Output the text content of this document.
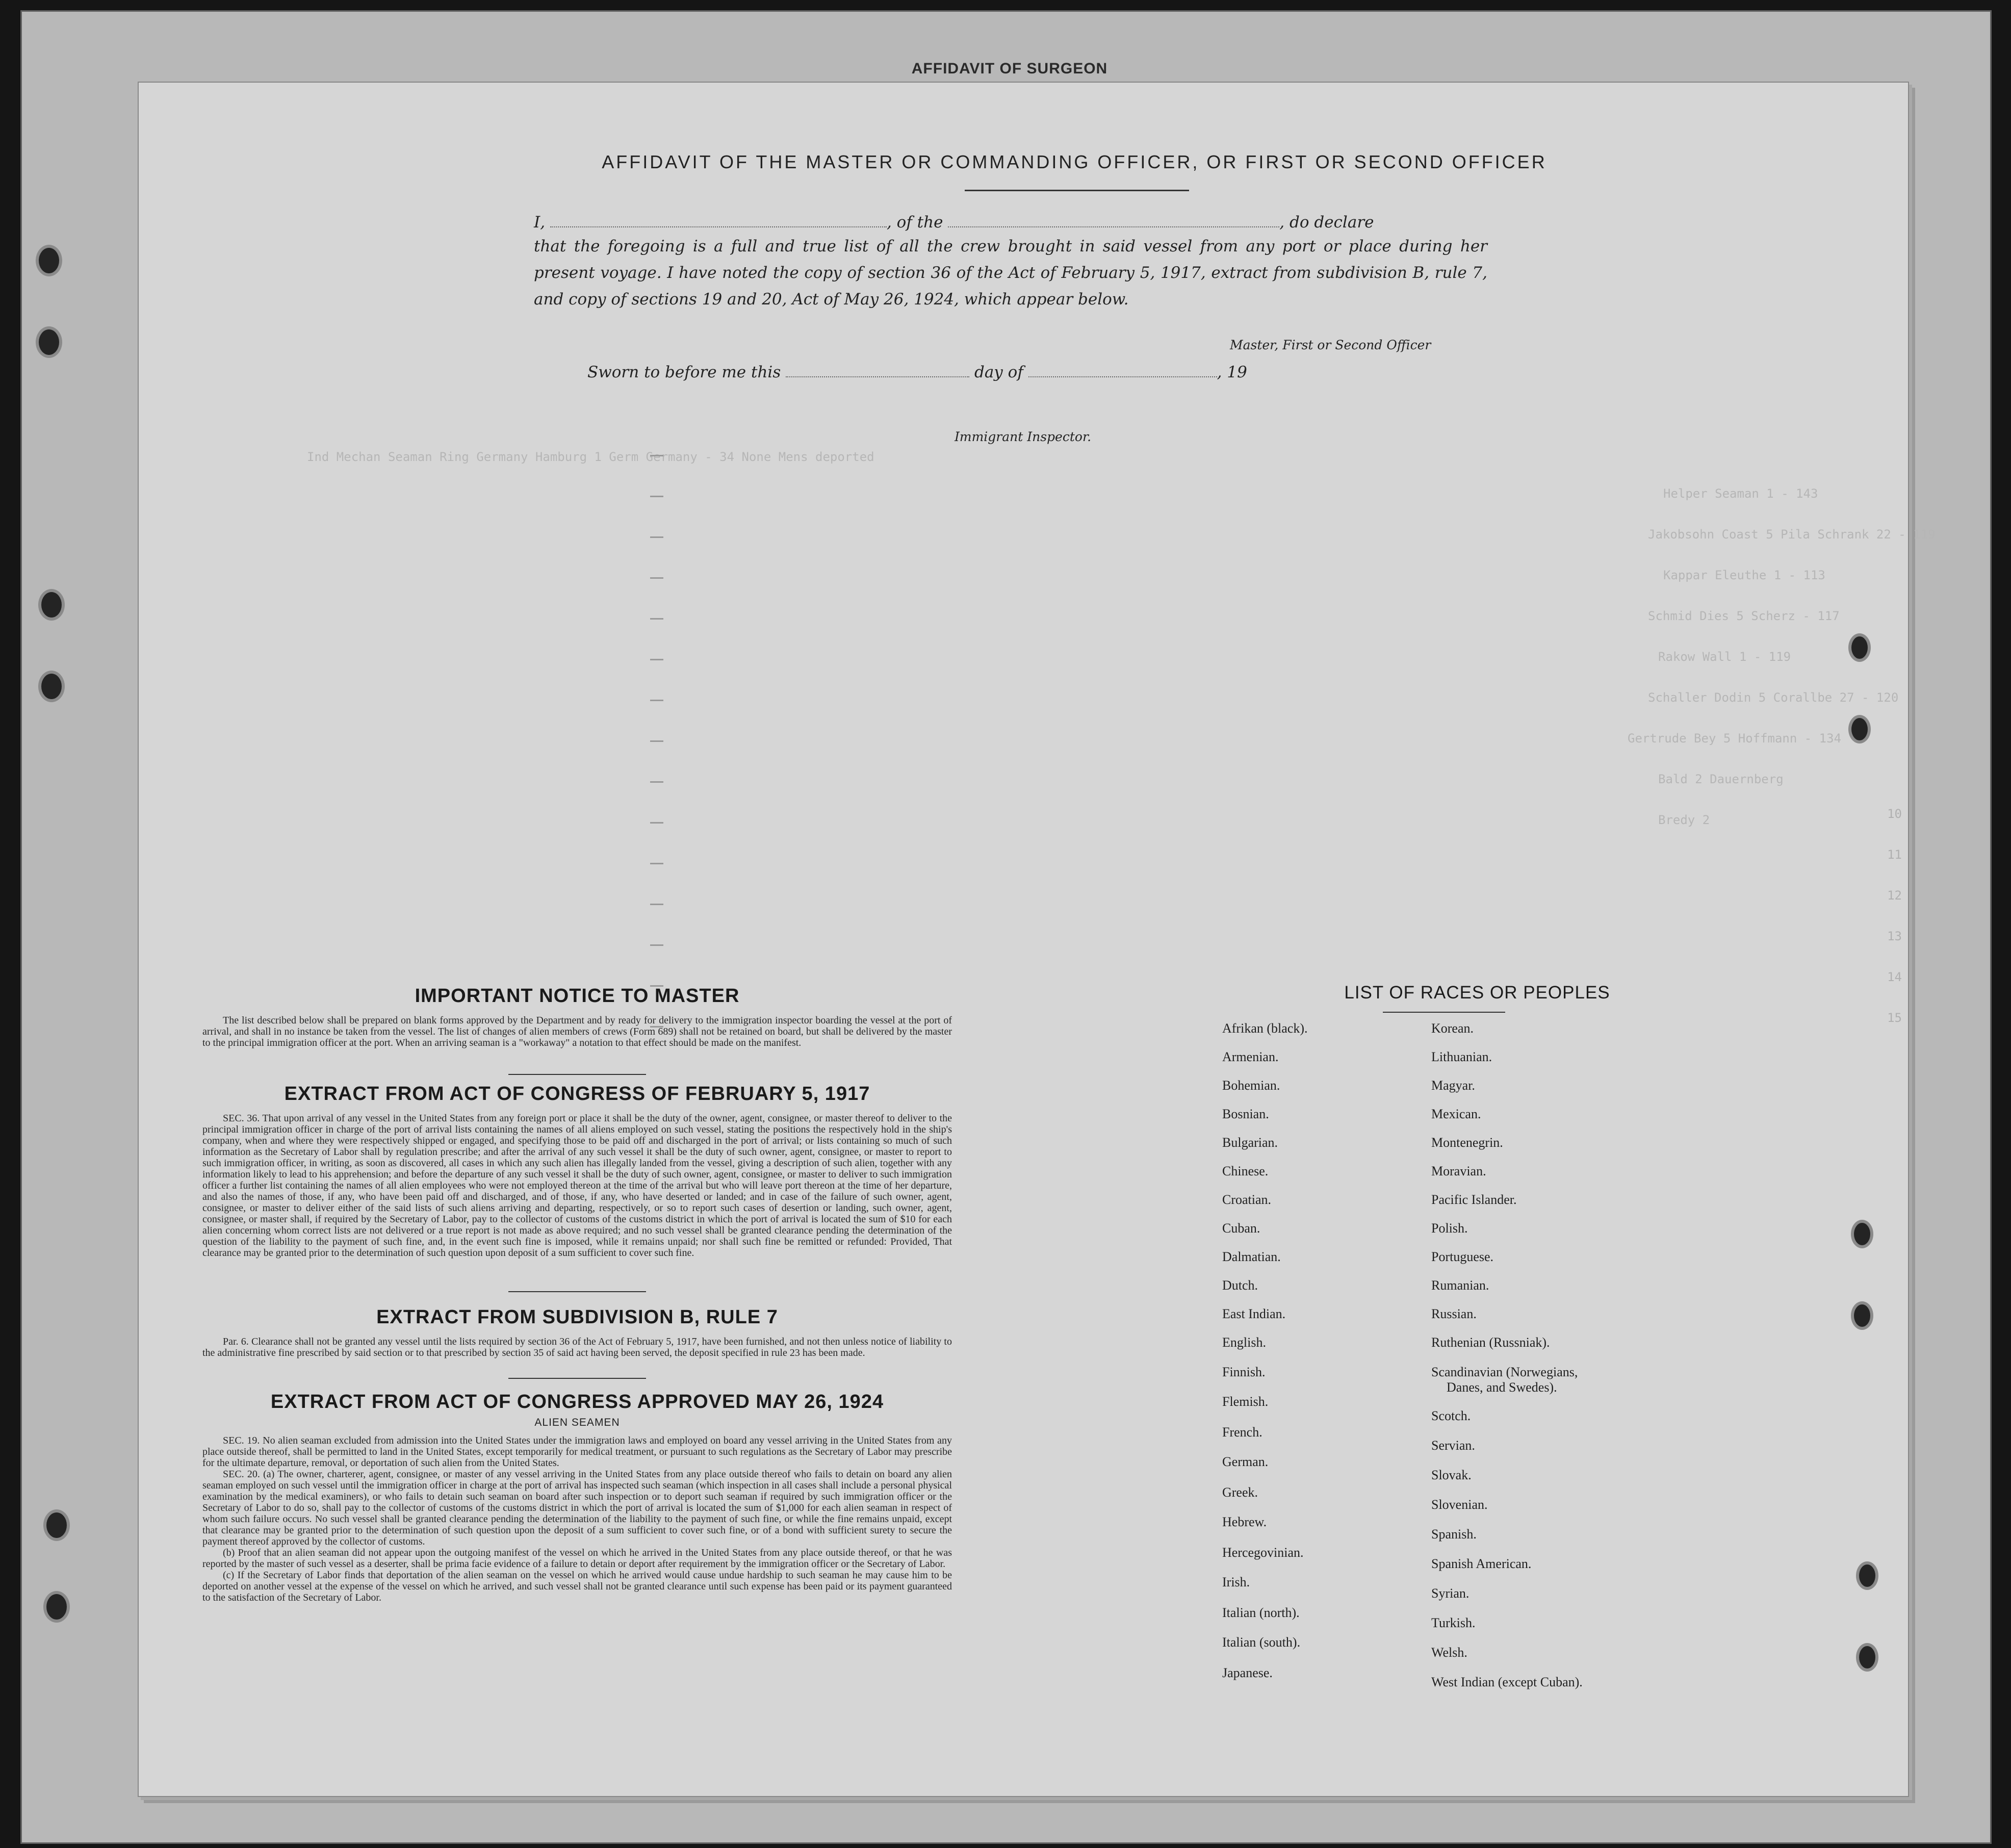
AFFIDAVIT OF SURGEON
Ind Mechan Seaman Ring Germany Hamburg 1 Germ Germany - 34 None Mens deported
Helper Seaman 1 - 143
Jakobsohn Coast 5 Pila Schrank 22 - 119
Kappar Eleuthe 1 - 113
Schmid Dies 5 Scherz - 117
Rakow Wall 1 - 119
Schaller Dodin 5 Corallbe 27 - 120
Gertrude Bey 5 Hoffmann - 134
Bald 2 Dauernberg
Bredy 2	10
11
12
13
14
15
AFFIDAVIT OF THE MASTER OR COMMANDING OFFICER, OR FIRST OR SECOND OFFICER
I,	, of the	, do declare
that the foregoing is a full and true list of all the crew brought in said vessel from any port or place during her present voyage. I have noted the copy of section 36 of the Act of February 5, 1917, extract from subdivision B, rule 7, and copy of sections 19 and 20, Act of May 26, 1924, which appear below.
Master, First or Second Officer
Sworn to before me this	day of	, 19
Immigrant Inspector.
IMPORTANT NOTICE TO MASTER

The list described below shall be prepared on blank forms approved by the Department and by ready for delivery to the immigration inspector boarding the vessel at the port of arrival, and shall in no instance be taken from the vessel. The list of changes of alien members of crews (Form 689) shall not be retained on board, but shall be delivered by the master to the principal immigration officer at the port. When an arriving seaman is a "workaway" a notation to that effect should be made on the manifest.

EXTRACT FROM ACT OF CONGRESS OF FEBRUARY 5, 1917

SEC. 36. That upon arrival of any vessel in the United States from any foreign port or place it shall be the duty of the owner, agent, consignee, or master thereof to deliver to the principal immigration officer in charge of the port of arrival lists containing the names of all aliens employed on such vessel, stating the positions the respectively hold in the ship's company, when and where they were respectively shipped or engaged, and specifying those to be paid off and discharged in the port of arrival; or lists containing so much of such information as the Secretary of Labor shall by regulation prescribe; and after the arrival of any such vessel it shall be the duty of such owner, agent, consignee, or master to report to such immigration officer, in writing, as soon as discovered, all cases in which any such alien has illegally landed from the vessel, giving a description of such alien, together with any information likely to lead to his apprehension; and before the departure of any such vessel it shall be the duty of such owner, agent, consignee, or master to deliver to such immigration officer a further list containing the names of all alien employees who were not employed thereon at the time of the arrival but who will leave port thereon at the time of her departure, and also the names of those, if any, who have been paid off and discharged, and of those, if any, who have deserted or landed; and in case of the failure of such owner, agent, consignee, or master to deliver either of the said lists of such aliens arriving and departing, respectively, or so to report such cases of desertion or landing, such owner, agent, consignee, or master shall, if required by the Secretary of Labor, pay to the collector of customs of the customs district in which the port of arrival is located the sum of $10 for each alien concerning whom correct lists are not delivered or a true report is not made as above required; and no such vessel shall be granted clearance pending the determination of the question of the liability to the payment of such fine, and, in the event such fine is imposed, while it remains unpaid; nor shall such fine be remitted or refunded: Provided, That clearance may be granted prior to the determination of such question upon deposit of a sum sufficient to cover such fine.

EXTRACT FROM SUBDIVISION B, RULE 7

Par. 6. Clearance shall not be granted any vessel until the lists required by section 36 of the Act of February 5, 1917, have been furnished, and not then unless notice of liability to the administrative fine prescribed by said section or to that prescribed by section 35 of said act having been served, the deposit specified in rule 23 has been made.

EXTRACT FROM ACT OF CONGRESS APPROVED MAY 26, 1924
ALIEN SEAMEN

SEC. 19. No alien seaman excluded from admission into the United States under the immigration laws and employed on board any vessel arriving in the United States from any place outside thereof, shall be permitted to land in the United States, except temporarily for medical treatment, or pursuant to such regulations as the Secretary of Labor may prescribe for the ultimate departure, removal, or deportation of such alien from the United States.

SEC. 20. (a) The owner, charterer, agent, consignee, or master of any vessel arriving in the United States from any place outside thereof who fails to detain on board any alien seaman employed on such vessel until the immigration officer in charge at the port of arrival has inspected such seaman (which inspection in all cases shall include a personal physical examination by the medical examiners), or who fails to detain such seaman on board after such inspection or to deport such seaman if required by such immigration officer or the Secretary of Labor to do so, shall pay to the collector of customs of the customs district in which the port of arrival is located the sum of $1,000 for each alien seaman in respect of whom such failure occurs. No such vessel shall be granted clearance pending the determination of the liability to the payment of such fine, or while the fine remains unpaid, except that clearance may be granted prior to the determination of such question upon the deposit of a sum sufficient to cover such fine, or of a bond with sufficient surety to secure the payment thereof approved by the collector of customs.

(b) Proof that an alien seaman did not appear upon the outgoing manifest of the vessel on which he arrived in the United States from any place outside thereof, or that he was reported by the master of such vessel as a deserter, shall be prima facie evidence of a failure to detain or deport after requirement by the immigration officer or the Secretary of Labor.

(c) If the Secretary of Labor finds that deportation of the alien seaman on the vessel on which he arrived would cause undue hardship to such seaman he may cause him to be deported on another vessel at the expense of the vessel on which he arrived, and such vessel shall not be granted clearance until such expense has been paid or its payment guaranteed to the satisfaction of the Secretary of Labor.

LIST OF RACES OR PEOPLES
Afrikan (black).
Armenian.
Bohemian.
Bosnian.
Bulgarian.
Chinese.
Croatian.
Cuban.
Dalmatian.
Dutch.
East Indian.
English.
Finnish.
Flemish.
French.
German.
Greek.
Hebrew.
Hercegovinian.
Irish.
Italian (north).
Italian (south).
Japanese.
Korean.
Lithuanian.
Magyar.
Mexican.
Montenegrin.
Moravian.
Pacific Islander.
Polish.
Portuguese.
Rumanian.
Russian.
Ruthenian (Russniak).
Scandinavian (Norwegians,
Danes, and Swedes).
Scotch.
Servian.
Slovak.
Slovenian.
Spanish.
Spanish American.
Syrian.
Turkish.
Welsh.
West Indian (except Cuban).
